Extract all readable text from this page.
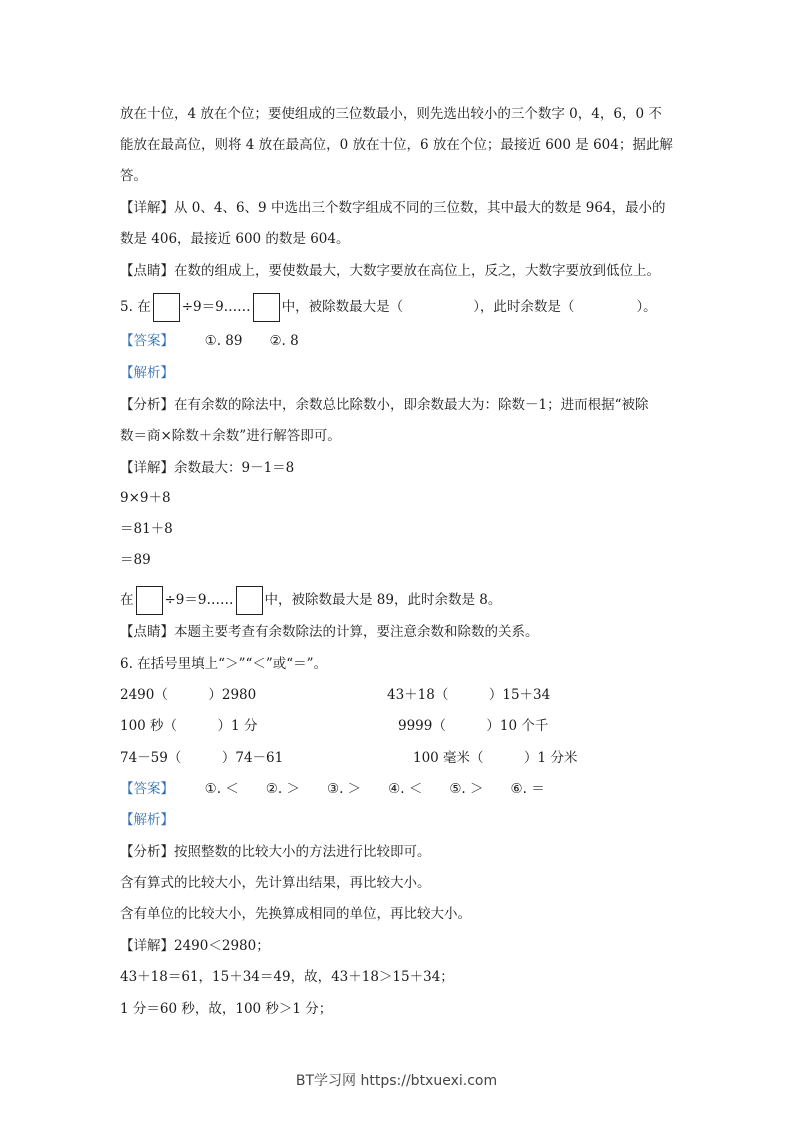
放在十位，4 放在个位；要使组成的三位数最小，则先选出较小的三个数字 0，4，6，0 不
能放在最高位，则将 4 放在最高位，0 放在十位，6 放在个位；最接近 600 是 604；据此解
答。
【详解】从 0、4、6、9 中选出三个数字组成不同的三位数，其中最大的数是 964，最小的
数是 406，最接近 600 的数是 604。
【点睛】在数的组成上，要使数最大，大数字要放在高位上，反之，大数字要放到低位上。
5. 在 ÷9＝9…… 中，被除数最大是（	），此时余数是（	）。
【答案】 ①. 89　　②. 8
【解析】
【分析】在有余数的除法中，余数总比除数小，即余数最大为：除数－1；进而根据“被除
数＝商×除数＋余数”进行解答即可。
【详解】余数最大：9－1＝8
9×9＋8
＝81＋8
＝89
在 ÷9＝9…… 中，被除数最大是 89，此时余数是 8。
【点睛】本题主要考查有余数除法的计算，要注意余数和除数的关系。
6. 在括号里填上“＞”“＜”或“＝”。
2490（　　　）2980	43＋18（　　　）15＋34
100 秒（　　　）1 分	9999（　　　）10 个千
74－59（　　　）74－61	100 毫米（　　　）1 分米
【答案】 ①. ＜　　②. ＞　　③. ＞　　④. ＜　　⑤. ＞　　⑥. ＝
【解析】
【分析】按照整数的比较大小的方法进行比较即可。
含有算式的比较大小，先计算出结果，再比较大小。
含有单位的比较大小，先换算成相同的单位，再比较大小。
【详解】2490＜2980；
43＋18＝61，15＋34＝49，故，43＋18＞15＋34；
1 分＝60 秒，故，100 秒＞1 分；
BT学习网 https://btxuexi.com
